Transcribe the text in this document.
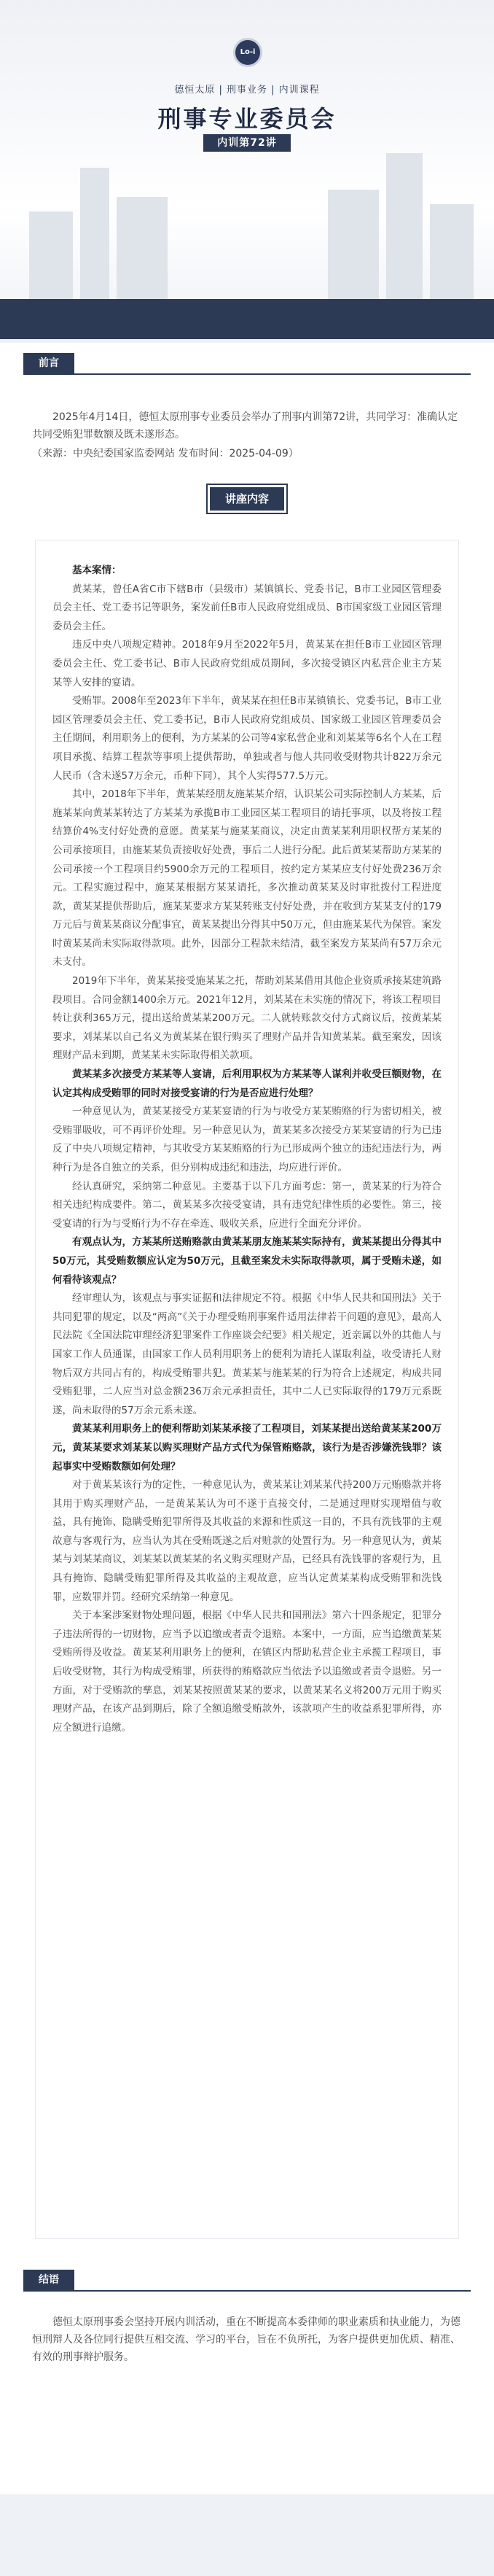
Lo‑i
德恒太原 | 刑事业务 | 内训课程
刑事专业委员会
内训第72讲
前言
2025年4月14日，德恒太原刑事专业委员会举办了刑事内训第72讲，共同学习：准确认定共同受贿犯罪数额及既未遂形态。
（来源：中央纪委国家监委网站 发布时间：2025-04-09）
讲座内容

基本案情：

黄某某，曾任A省C市下辖B市（县级市）某镇镇长、党委书记，B市工业园区管理委员会主任、党工委书记等职务，案发前任B市人民政府党组成员、B市国家级工业园区管理委员会主任。

违反中央八项规定精神。2018年9月至2022年5月，黄某某在担任B市工业园区管理委员会主任、党工委书记、B市人民政府党组成员期间，多次接受镇区内私营企业主方某某等人安排的宴请。

受贿罪。2008年至2023年下半年，黄某某在担任B市某镇镇长、党委书记，B市工业园区管理委员会主任、党工委书记，B市人民政府党组成员、国家级工业园区管理委员会主任期间，利用职务上的便利，为方某某的公司等4家私营企业和刘某某等6名个人在工程项目承揽、结算工程款等事项上提供帮助，单独或者与他人共同收受财物共计822万余元人民币（含未遂57万余元，币种下同），其个人实得577.5万元。

其中，2018年下半年，黄某某经朋友施某某介绍，认识某公司实际控制人方某某，后施某某向黄某某转达了方某某为承揽B市工业园区某工程项目的请托事项，以及将按工程结算价4%支付好处费的意愿。黄某某与施某某商议，决定由黄某某利用职权帮方某某的公司承接项目，由施某某负责接收好处费，事后二人进行分配。此后黄某某帮助方某某的公司承接一个工程项目约5900余万元的工程项目，按约定方某某应支付好处费236万余元。工程实施过程中，施某某根据方某某请托，多次推动黄某某及时审批拨付工程进度款，黄某某提供帮助后，施某某要求方某某转账支付好处费，并在收到方某某支付的179万元后与黄某某商议分配事宜，黄某某提出分得其中50万元，但由施某某代为保管。案发时黄某某尚未实际取得款项。此外，因部分工程款未结清，截至案发方某某尚有57万余元未支付。

2019年下半年，黄某某接受施某某之托，帮助刘某某借用其他企业资质承接某建筑路段项目。合同金额1400余万元。2021年12月，刘某某在未实施的情况下，将该工程项目转让获利365万元，提出送给黄某某200万元。二人就转账款交付方式商议后，按黄某某要求，刘某某以自己名义为黄某某在银行购买了理财产品并告知黄某某。截至案发，因该理财产品未到期，黄某某未实际取得相关款项。

黄某某多次接受方某某等人宴请，后利用职权为方某某等人谋利并收受巨额财物，在认定其构成受贿罪的同时对接受宴请的行为是否应进行处理？

一种意见认为，黄某某接受方某某宴请的行为与收受方某某贿赂的行为密切相关，被受贿罪吸收，可不再评价处理。另一种意见认为，黄某某多次接受方某某宴请的行为已违反了中央八项规定精神，与其收受方某某贿赂的行为已形成两个独立的违纪违法行为，两种行为是各自独立的关系，但分别构成违纪和违法，均应进行评价。

经认真研究，采纳第二种意见。主要基于以下几方面考虑：第一，黄某某的行为符合相关违纪构成要件。第二，黄某某多次接受宴请，具有违党纪律性质的必要性。第三，接受宴请的行为与受贿行为不存在牵连、吸收关系，应进行全面充分评价。

有观点认为，方某某所送贿赂款由黄某某朋友施某某实际持有，黄某某提出分得其中50万元，其受贿数额应认定为50万元，且截至案发未实际取得款项，属于受贿未遂，如何看待该观点？

经审理认为，该观点与事实证据和法律规定不符。根据《中华人民共和国刑法》关于共同犯罪的规定，以及“两高”《关于办理受贿刑事案件适用法律若干问题的意见》，最高人民法院《全国法院审理经济犯罪案件工作座谈会纪要》相关规定，近亲属以外的其他人与国家工作人员通谋，由国家工作人员利用职务上的便利为请托人谋取利益，收受请托人财物后双方共同占有的，构成受贿罪共犯。黄某某与施某某的行为符合上述规定，构成共同受贿犯罪，二人应当对总金额236万余元承担责任，其中二人已实际取得的179万元系既遂，尚未取得的57万余元系未遂。

黄某某利用职务上的便利帮助刘某某承接了工程项目，刘某某提出送给黄某某200万元，黄某某要求刘某某以购买理财产品方式代为保管贿赂款，该行为是否涉嫌洗钱罪？该起事实中受贿数额如何处理？

对于黄某某该行为的定性，一种意见认为，黄某某让刘某某代持200万元贿赂款并将其用于购买理财产品，一是黄某某认为可不遂于直接交付，二是通过理财实现增值与收益，具有掩饰、隐瞒受贿犯罪所得及其收益的来源和性质这一目的，不具有洗钱罪的主观故意与客观行为，应当认为其在受贿既遂之后对赃款的处置行为。另一种意见认为，黄某某与刘某某商议，刘某某以黄某某的名义购买理财产品，已经具有洗钱罪的客观行为，且具有掩饰、隐瞒受贿犯罪所得及其收益的主观故意，应当认定黄某某构成受贿罪和洗钱罪，应数罪并罚。经研究采纳第一种意见。

关于本案涉案财物处理问题，根据《中华人民共和国刑法》第六十四条规定，犯罪分子违法所得的一切财物，应当予以追缴或者责令退赔。本案中，一方面，应当追缴黄某某受贿所得及收益。黄某某利用职务上的便利，在镇区内帮助私营企业主承揽工程项目，事后收受财物，其行为构成受贿罪，所获得的贿赂款应当依法予以追缴或者责令退赔。另一方面，对于受贿款的孳息，刘某某按照黄某某的要求，以黄某某名义将200万元用于购买理财产品，在该产品到期后，除了全额追缴受贿款外，该款项产生的收益系犯罪所得，亦应全额进行追缴。

结语
德恒太原刑事委会坚持开展内训活动，重在不断提高本委律师的职业素质和执业能力，为德恒刑辩人及各位同行提供互相交流、学习的平台，旨在不负所托，为客户提供更加优质、精准、有效的刑事辩护服务。
